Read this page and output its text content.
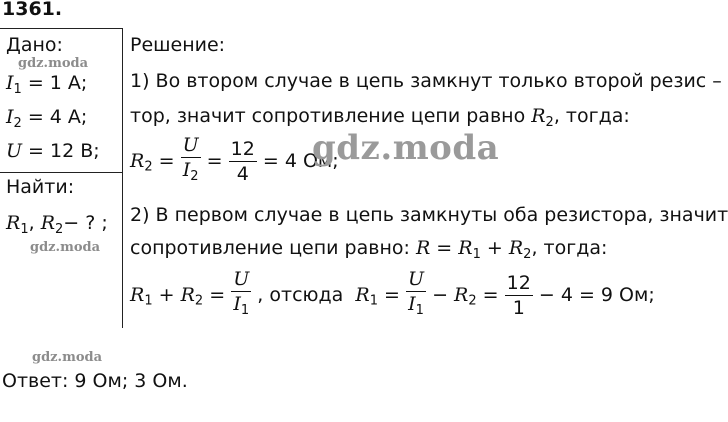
1361.
Дано:
gdz.moda
$I_1 = 1$ A;
$I_2 = 4$ A;
U = 12 B;
Найти:
$R_1$, $R_2-$ ? ;
gdz.moda
Решение:
1) Во втором случае в цепь замкнут только второй резис –
тор, значит сопротивление цепи равно $R_2$, тогда:
$R_2 = \frac{U}{I_2} = \frac{12}{4} = 4$ Ом;
gdz.moda
2) В первом случае в цепь замкнуты оба резистора, значит
сопротивление цепи равно: $R = R_1 + R_2$, тогда:
$R_1 + R_2 = \frac{U}{I_1}$ , отсюда $R_1 = \frac{U}{I_1} - R_2 = \frac{12}{1} - 4 = 9$ Ом;
gdz.moda
Ответ: 9 Ом; 3 Ом.
